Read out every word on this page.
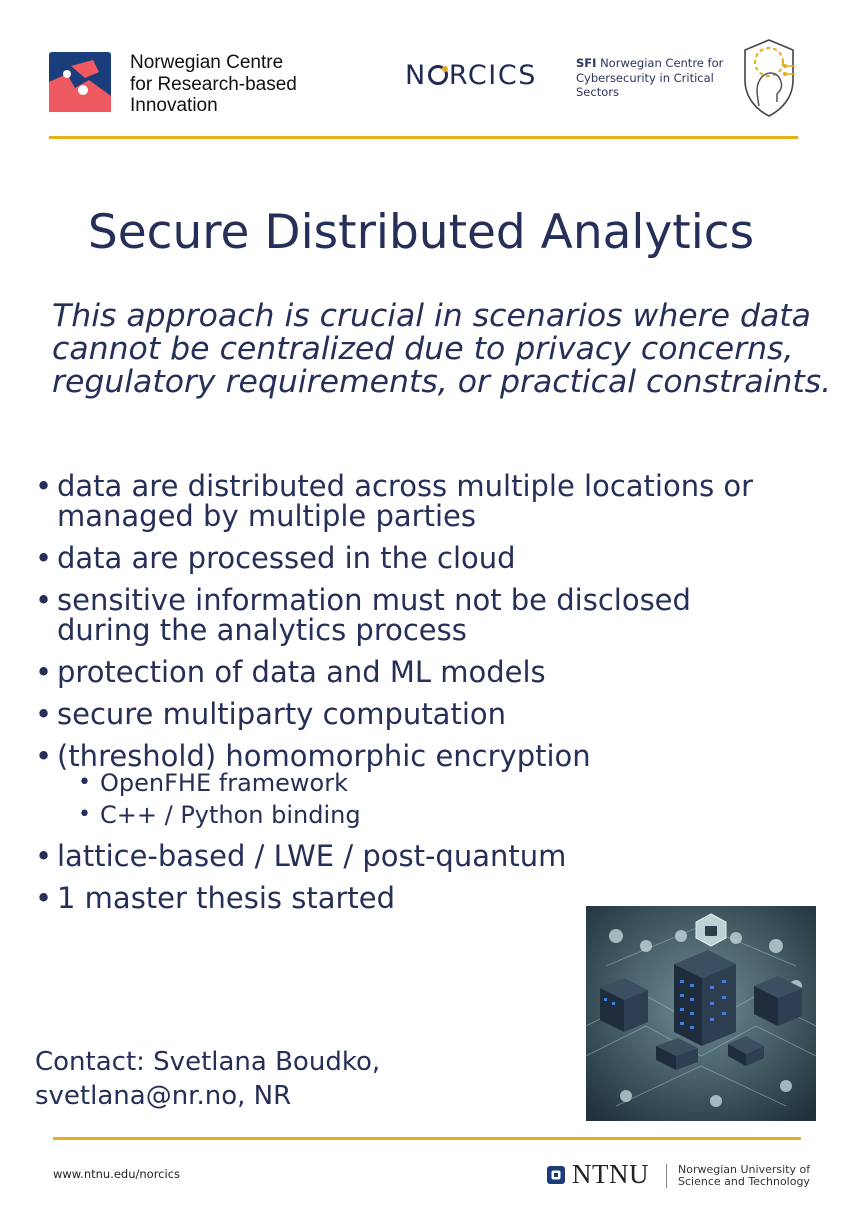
Norwegian Centre
for Research-based
Innovation
N RCICS	SFI Norwegian Centre for
Cybersecurity in Critical
Sectors
Secure Distributed Analytics
This approach is crucial in scenarios where data
cannot be centralized due to privacy concerns,
regulatory requirements, or practical constraints.
• data are distributed across multiple locations or
managed by multiple parties
• data are processed in the cloud
• sensitive information must not be disclosed
during the analytics process
• protection of data and ML models
• secure multiparty computation
• (threshold) homomorphic encryption
• OpenFHE framework
• C++ / Python binding
• lattice-based / LWE / post-quantum
• 1 master thesis started
Contact: Svetlana Boudko,
svetlana@nr.no, NR
www.ntnu.edu/norcics	NTNU	Norwegian University of
Science and Technology
